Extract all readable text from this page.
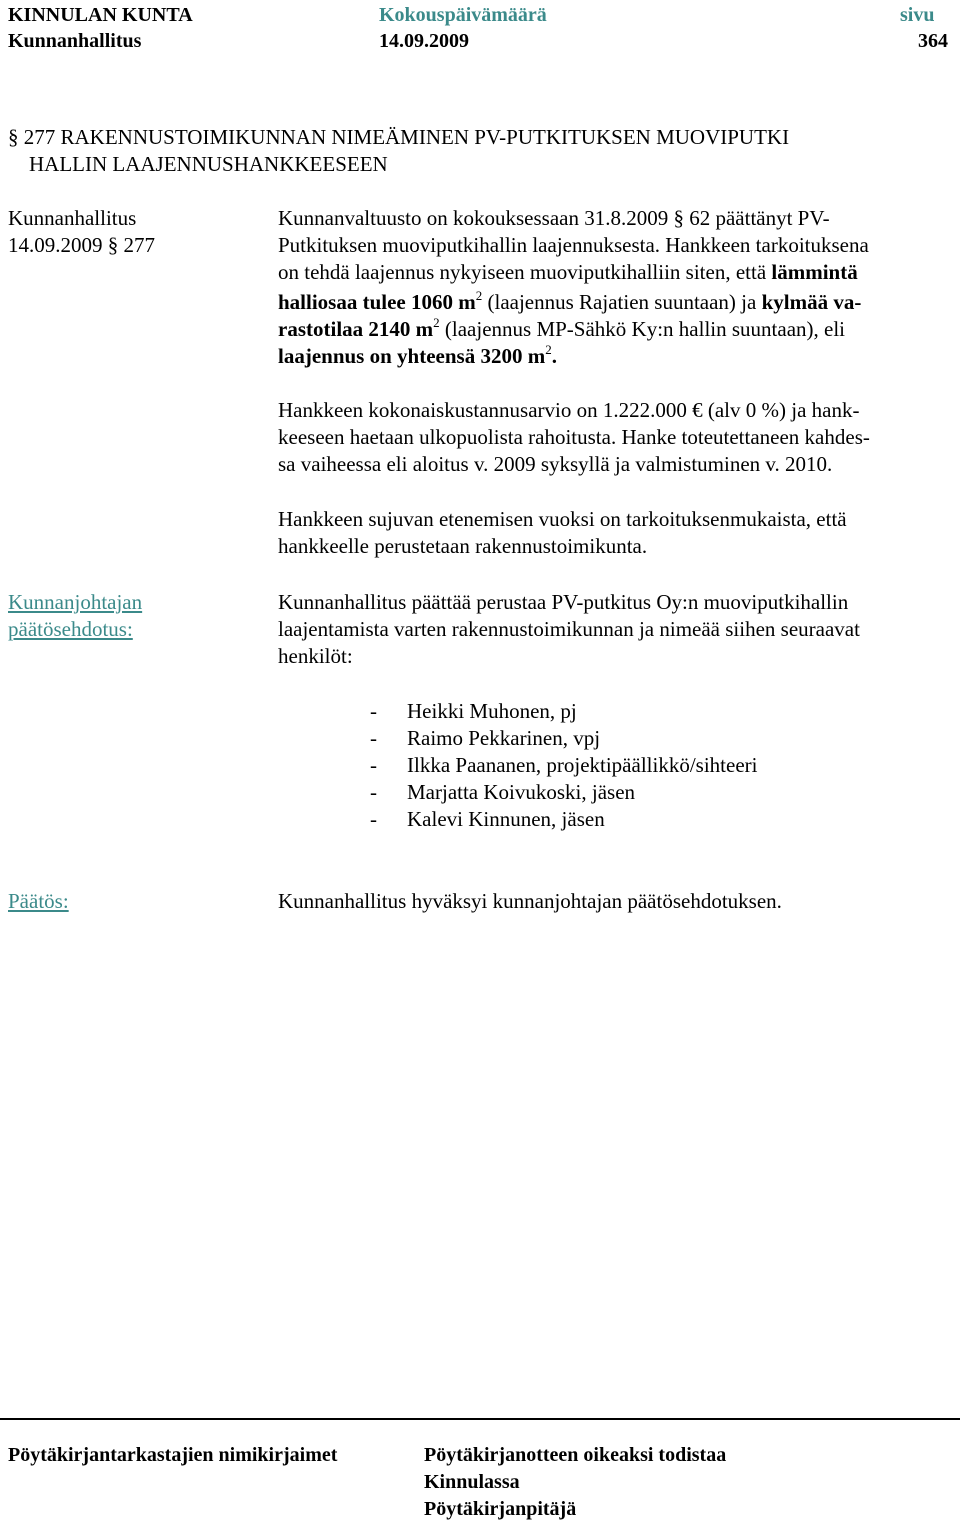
KINNULAN KUNTA
Kunnanhallitus
Kokouspäivämäärä
14.09.2009
sivu
364
§ 277 RAKENNUSTOIMIKUNNAN NIMEÄMINEN PV-PUTKITUKSEN MUOVIPUTKI
HALLIN LAAJENNUSHANKKEESEEN
Kunnanhallitus
14.09.2009 § 277
Kunnanvaltuusto on kokouksessaan 31.8.2009 § 62 päättänyt PV-
Putkituksen muoviputkihallin laajennuksesta. Hankkeen tarkoituksena
on tehdä laajennus nykyiseen muoviputkihalliin siten, että lämmintä
halliosaa tulee 1060 $m^2$ (laajennus Rajatien suuntaan) ja kylmää va-
rastotilaa 2140 $m^2$ (laajennus MP-Sähkö Ky:n hallin suuntaan), eli
laajennus on yhteensä 3200 $m^2$.
Hankkeen kokonaiskustannusarvio on 1.222.000 € (alv 0 %) ja hank-
keeseen haetaan ulkopuolista rahoitusta. Hanke toteutettaneen kahdes-
sa vaiheessa eli aloitus v. 2009 syksyllä ja valmistuminen v. 2010.
Hankkeen sujuvan etenemisen vuoksi on tarkoituksenmukaista, että
hankkeelle perustetaan rakennustoimikunta.
Kunnanjohtajan
päätösehdotus:
Kunnanhallitus päättää perustaa PV-putkitus Oy:n muoviputkihallin
laajentamista varten rakennustoimikunnan ja nimeää siihen seuraavat
henkilöt:
- Heikki Muhonen, pj
- Raimo Pekkarinen, vpj
- Ilkka Paananen, projektipäällikkö/sihteeri
- Marjatta Koivukoski, jäsen
- Kalevi Kinnunen, jäsen
Päätös:	Kunnanhallitus hyväksyi kunnanjohtajan päätösehdotuksen.
Pöytäkirjantarkastajien nimikirjaimet	Pöytäkirjanotteen oikeaksi todistaa
Kinnulassa
Pöytäkirjanpitäjä
